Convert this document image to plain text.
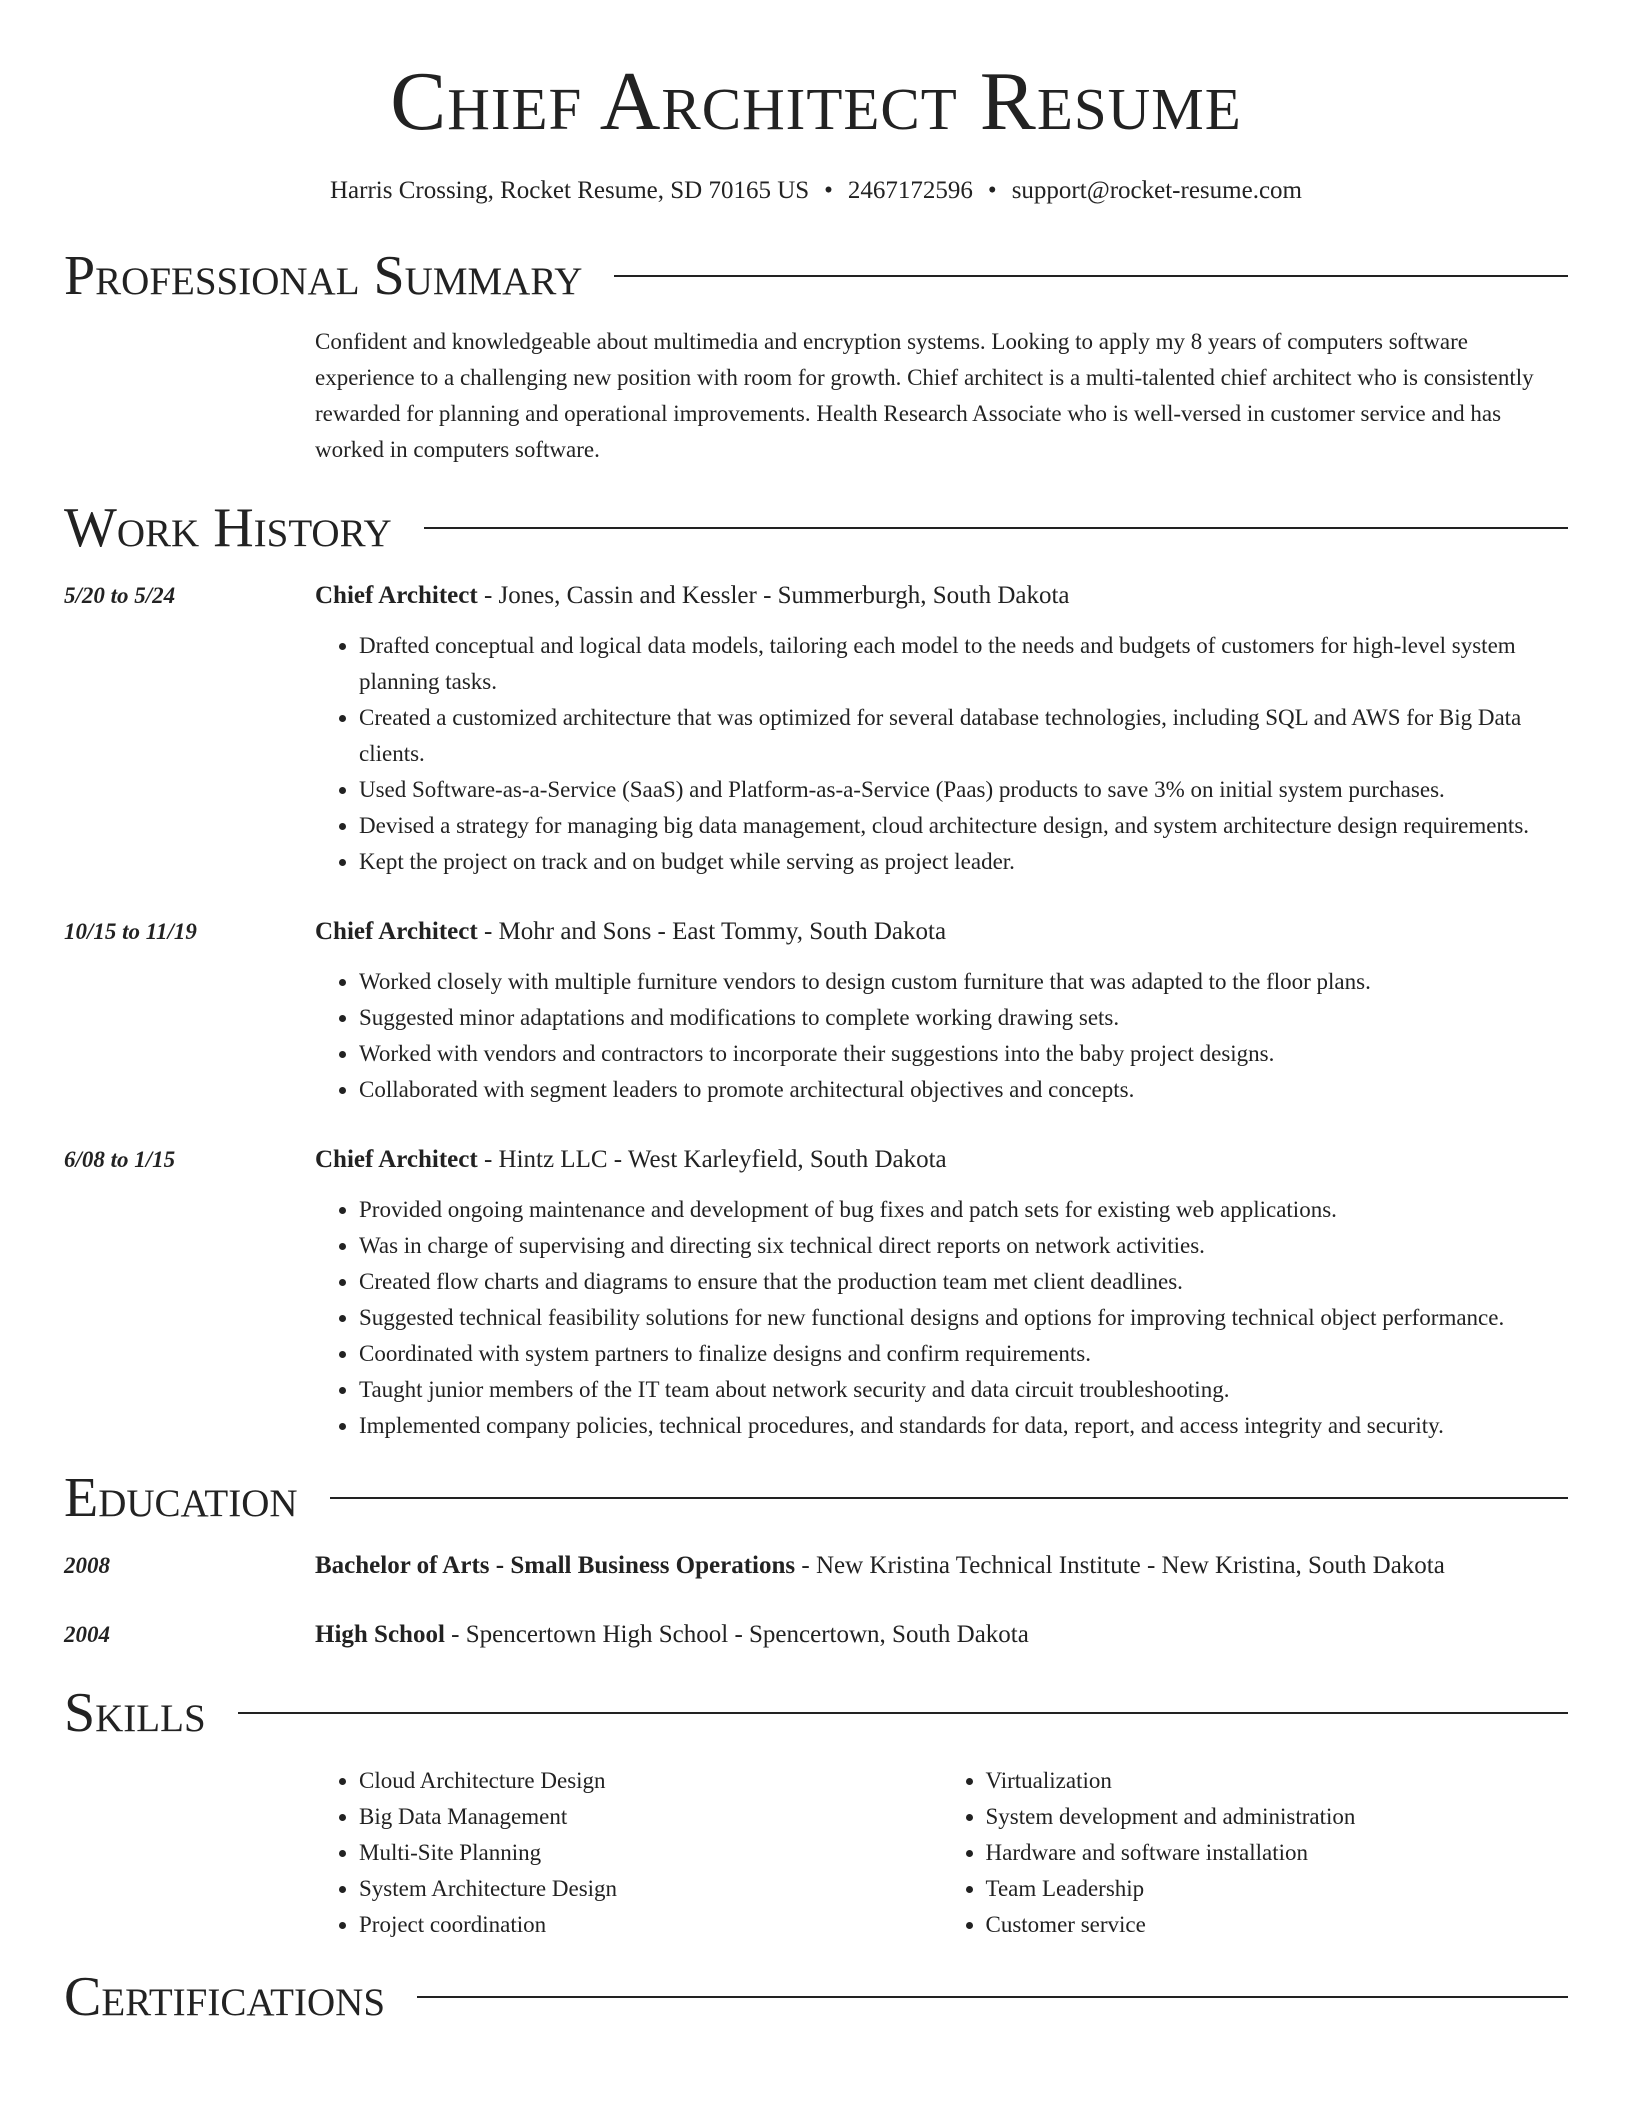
Chief Architect Resume
Harris Crossing, Rocket Resume, SD 70165 US • 2467172596 • support@rocket-resume.com
Professional Summary
Confident and knowledgeable about multimedia and encryption systems. Looking to apply my 8 years of computers software experience to a challenging new position with room for growth. Chief architect is a multi-talented chief architect who is consistently rewarded for planning and operational improvements. Health Research Associate who is well-versed in customer service and has worked in computers software.
Work History
5/20 to 5/24	Chief Architect - Jones, Cassin and Kessler - Summerburgh, South Dakota
• Drafted conceptual and logical data models, tailoring each model to the needs and budgets of customers for high-level system planning tasks.
• Created a customized architecture that was optimized for several database technologies, including SQL and AWS for Big Data clients.
• Used Software-as-a-Service (SaaS) and Platform-as-a-Service (Paas) products to save 3% on initial system purchases.
• Devised a strategy for managing big data management, cloud architecture design, and system architecture design requirements.
• Kept the project on track and on budget while serving as project leader.
10/15 to 11/19	Chief Architect - Mohr and Sons - East Tommy, South Dakota
• Worked closely with multiple furniture vendors to design custom furniture that was adapted to the floor plans.
• Suggested minor adaptations and modifications to complete working drawing sets.
• Worked with vendors and contractors to incorporate their suggestions into the baby project designs.
• Collaborated with segment leaders to promote architectural objectives and concepts.
6/08 to 1/15	Chief Architect - Hintz LLC - West Karleyfield, South Dakota
• Provided ongoing maintenance and development of bug fixes and patch sets for existing web applications.
• Was in charge of supervising and directing six technical direct reports on network activities.
• Created flow charts and diagrams to ensure that the production team met client deadlines.
• Suggested technical feasibility solutions for new functional designs and options for improving technical object performance.
• Coordinated with system partners to finalize designs and confirm requirements.
• Taught junior members of the IT team about network security and data circuit troubleshooting.
• Implemented company policies, technical procedures, and standards for data, report, and access integrity and security.
Education
2008	Bachelor of Arts - Small Business Operations - New Kristina Technical Institute - New Kristina, South Dakota
2004	High School - Spencertown High School - Spencertown, South Dakota
Skills
• Cloud Architecture Design
• Big Data Management
• Multi-Site Planning
• System Architecture Design
• Project coordination
• Virtualization
• System development and administration
• Hardware and software installation
• Team Leadership
• Customer service
Certifications
